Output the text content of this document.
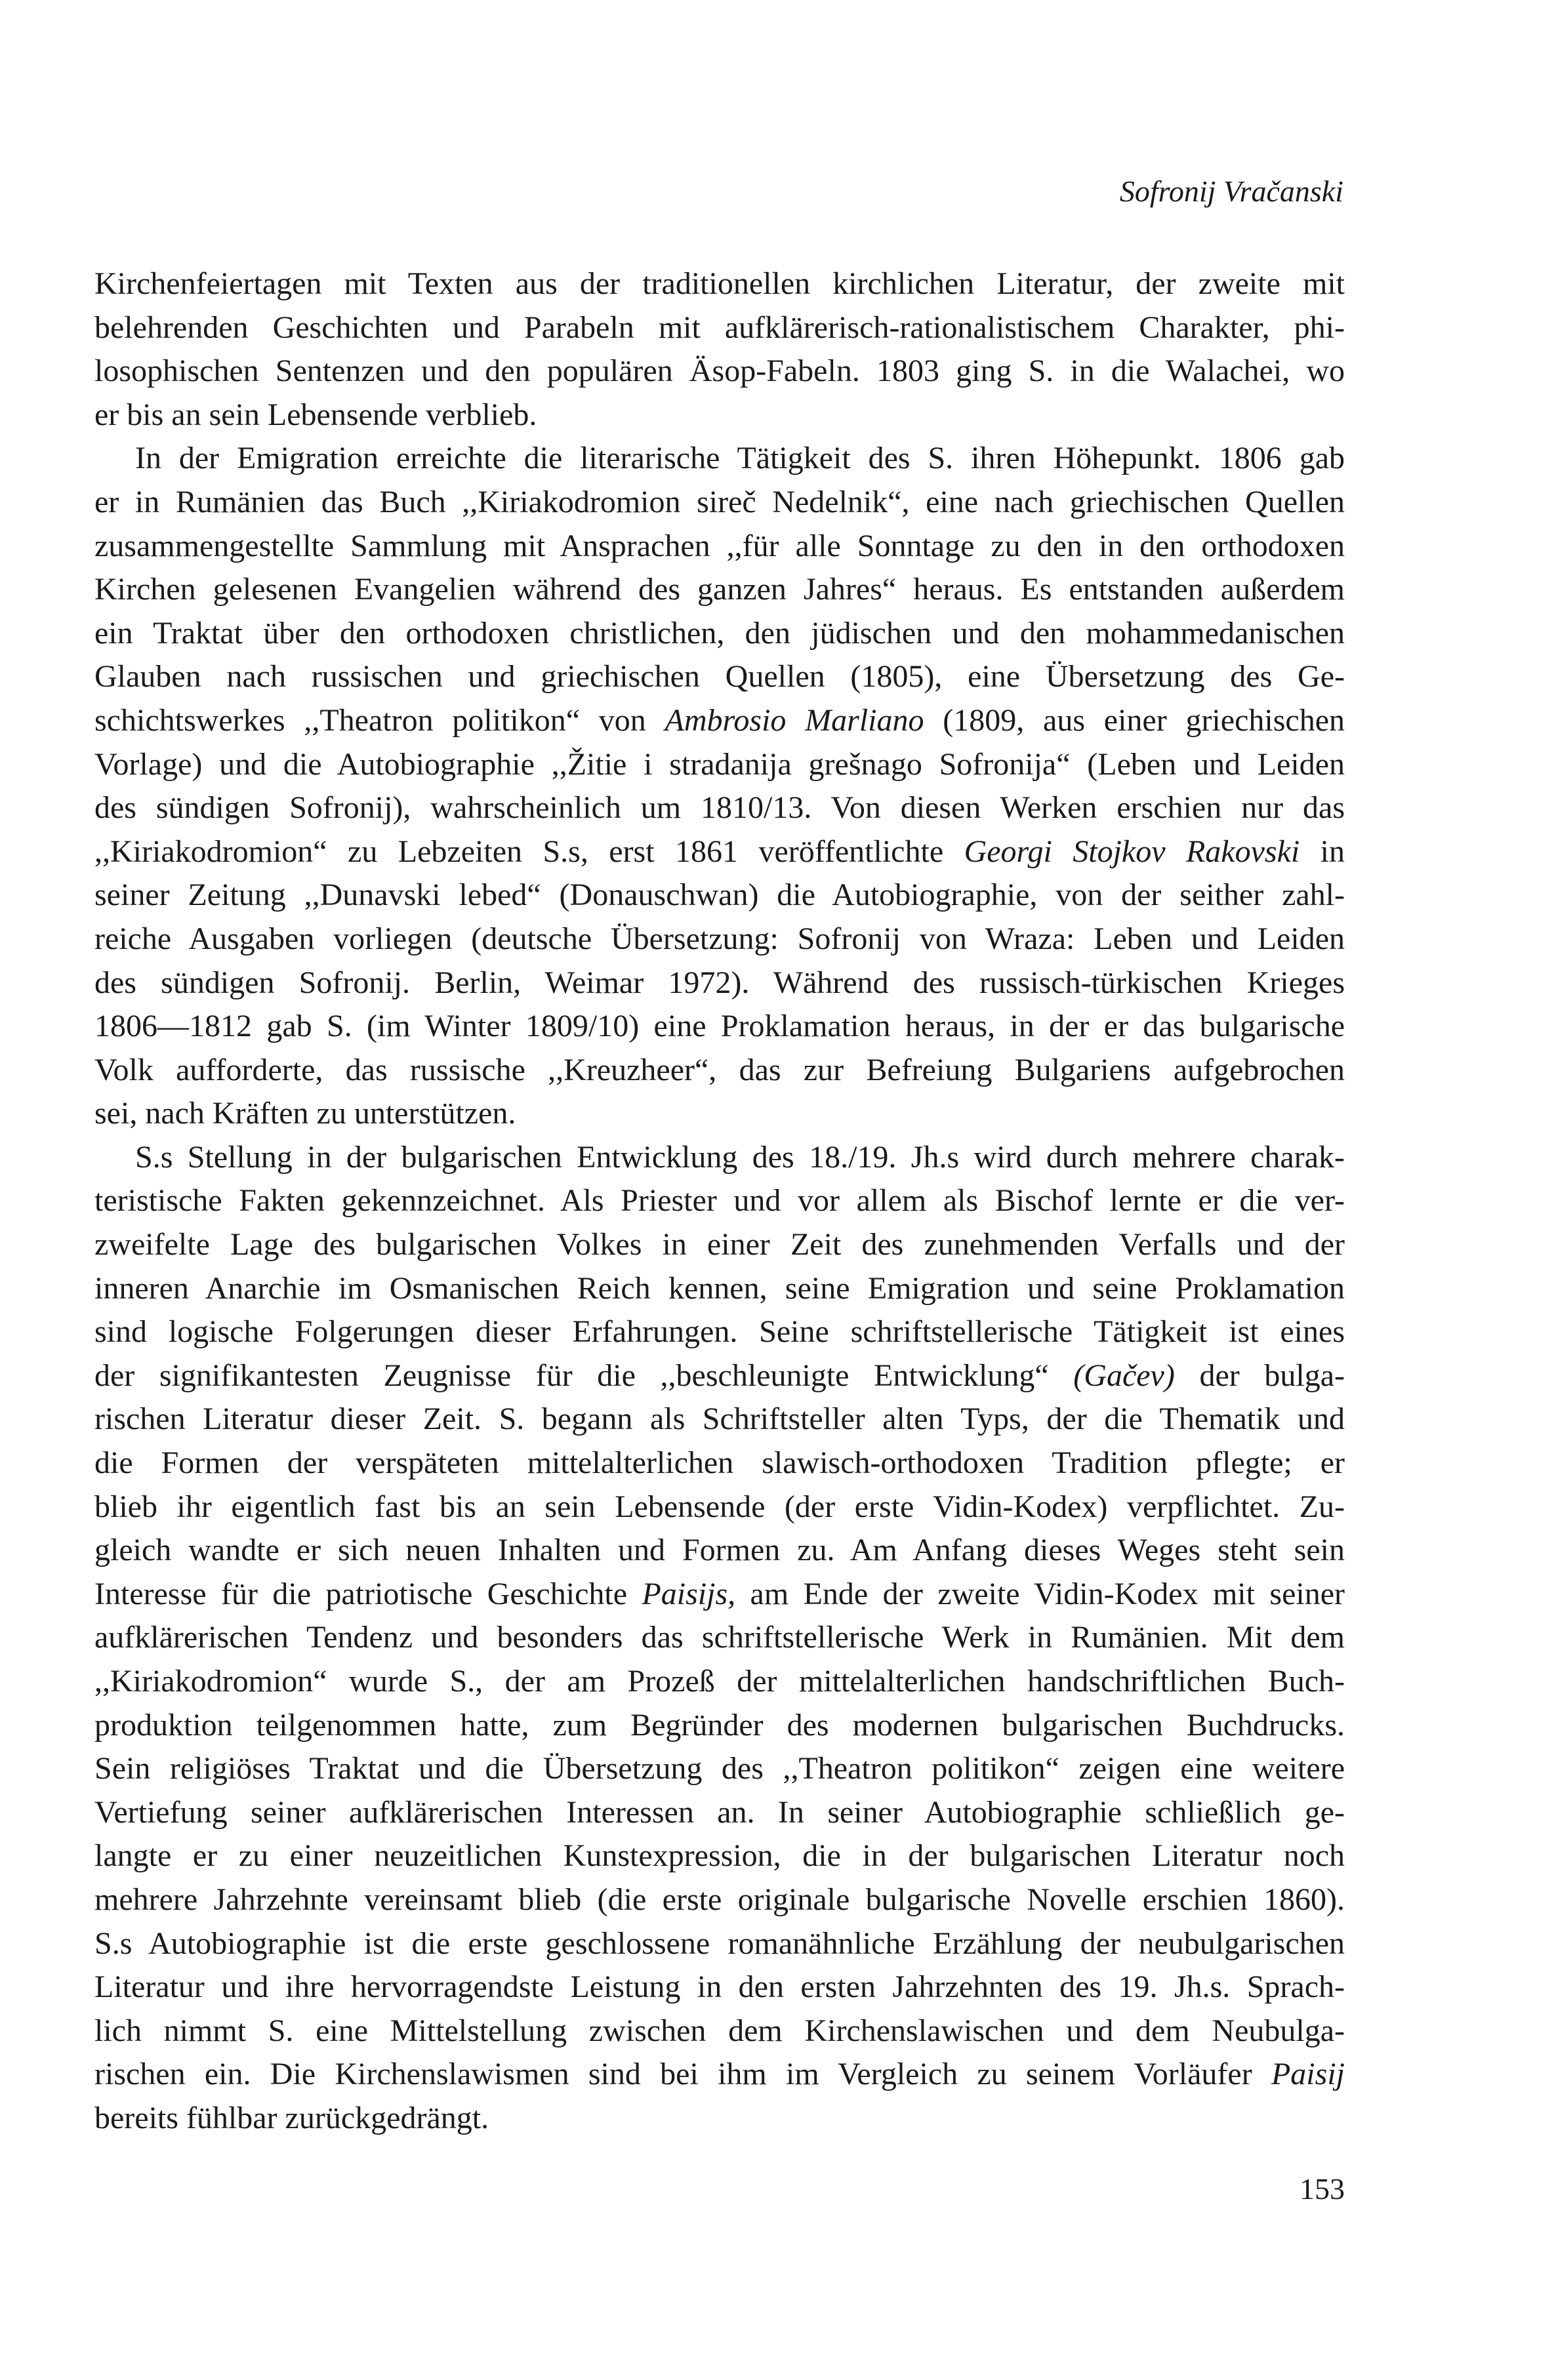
Sofronij Vračanski

Kirchenfeiertagen mit Texten aus der traditionellen kirchlichen Literatur, der zweite mit
belehrenden Geschichten und Parabeln mit aufklärerisch-rationalistischem Charakter, phi-
losophischen Sentenzen und den populären Äsop-Fabeln. 1803 ging S. in die Walachei, wo
er bis an sein Lebensende verblieb.

In der Emigration erreichte die literarische Tätigkeit des S. ihren Höhepunkt. 1806 gab
er in Rumänien das Buch ,,Kiriakodromion sireč Nedelnik“, eine nach griechischen Quellen
zusammengestellte Sammlung mit Ansprachen ,,für alle Sonntage zu den in den orthodoxen
Kirchen gelesenen Evangelien während des ganzen Jahres“ heraus. Es entstanden außerdem
ein Traktat über den orthodoxen christlichen, den jüdischen und den mohammedanischen
Glauben nach russischen und griechischen Quellen (1805), eine Übersetzung des Ge-
schichtswerkes ,,Theatron politikon“ von Ambrosio Marliano (1809, aus einer griechischen
Vorlage) und die Autobiographie ,,Žitie i stradanija grešnago Sofronija“ (Leben und Leiden
des sündigen Sofronij), wahrscheinlich um 1810/13. Von diesen Werken erschien nur das
,,Kiriakodromion“ zu Lebzeiten S.s, erst 1861 veröffentlichte Georgi Stojkov Rakovski in
seiner Zeitung ,,Dunavski lebed“ (Donauschwan) die Autobiographie, von der seither zahl-
reiche Ausgaben vorliegen (deutsche Übersetzung: Sofronij von Wraza: Leben und Leiden
des sündigen Sofronij. Berlin, Weimar 1972). Während des russisch-türkischen Krieges
1806—1812 gab S. (im Winter 1809/10) eine Proklamation heraus, in der er das bulgarische
Volk aufforderte, das russische ,,Kreuzheer“, das zur Befreiung Bulgariens aufgebrochen
sei, nach Kräften zu unterstützen.

S.s Stellung in der bulgarischen Entwicklung des 18./19. Jh.s wird durch mehrere charak-
teristische Fakten gekennzeichnet. Als Priester und vor allem als Bischof lernte er die ver-
zweifelte Lage des bulgarischen Volkes in einer Zeit des zunehmenden Verfalls und der
inneren Anarchie im Osmanischen Reich kennen, seine Emigration und seine Proklamation
sind logische Folgerungen dieser Erfahrungen. Seine schriftstellerische Tätigkeit ist eines
der signifikantesten Zeugnisse für die ,,beschleunigte Entwicklung“ (Gačev) der bulga-
rischen Literatur dieser Zeit. S. begann als Schriftsteller alten Typs, der die Thematik und
die Formen der verspäteten mittelalterlichen slawisch-orthodoxen Tradition pflegte; er
blieb ihr eigentlich fast bis an sein Lebensende (der erste Vidin-Kodex) verpflichtet. Zu-
gleich wandte er sich neuen Inhalten und Formen zu. Am Anfang dieses Weges steht sein
Interesse für die patriotische Geschichte Paisijs, am Ende der zweite Vidin-Kodex mit seiner
aufklärerischen Tendenz und besonders das schriftstellerische Werk in Rumänien. Mit dem
,,Kiriakodromion“ wurde S., der am Prozeß der mittelalterlichen handschriftlichen Buch-
produktion teilgenommen hatte, zum Begründer des modernen bulgarischen Buchdrucks.
Sein religiöses Traktat und die Übersetzung des ,,Theatron politikon“ zeigen eine weitere
Vertiefung seiner aufklärerischen Interessen an. In seiner Autobiographie schließlich ge-
langte er zu einer neuzeitlichen Kunstexpression, die in der bulgarischen Literatur noch
mehrere Jahrzehnte vereinsamt blieb (die erste originale bulgarische Novelle erschien 1860).
S.s Autobiographie ist die erste geschlossene romanähnliche Erzählung der neubulgarischen
Literatur und ihre hervorragendste Leistung in den ersten Jahrzehnten des 19. Jh.s. Sprach-
lich nimmt S. eine Mittelstellung zwischen dem Kirchenslawischen und dem Neubulga-
rischen ein. Die Kirchenslawismen sind bei ihm im Vergleich zu seinem Vorläufer Paisij
bereits fühlbar zurückgedrängt.

153
